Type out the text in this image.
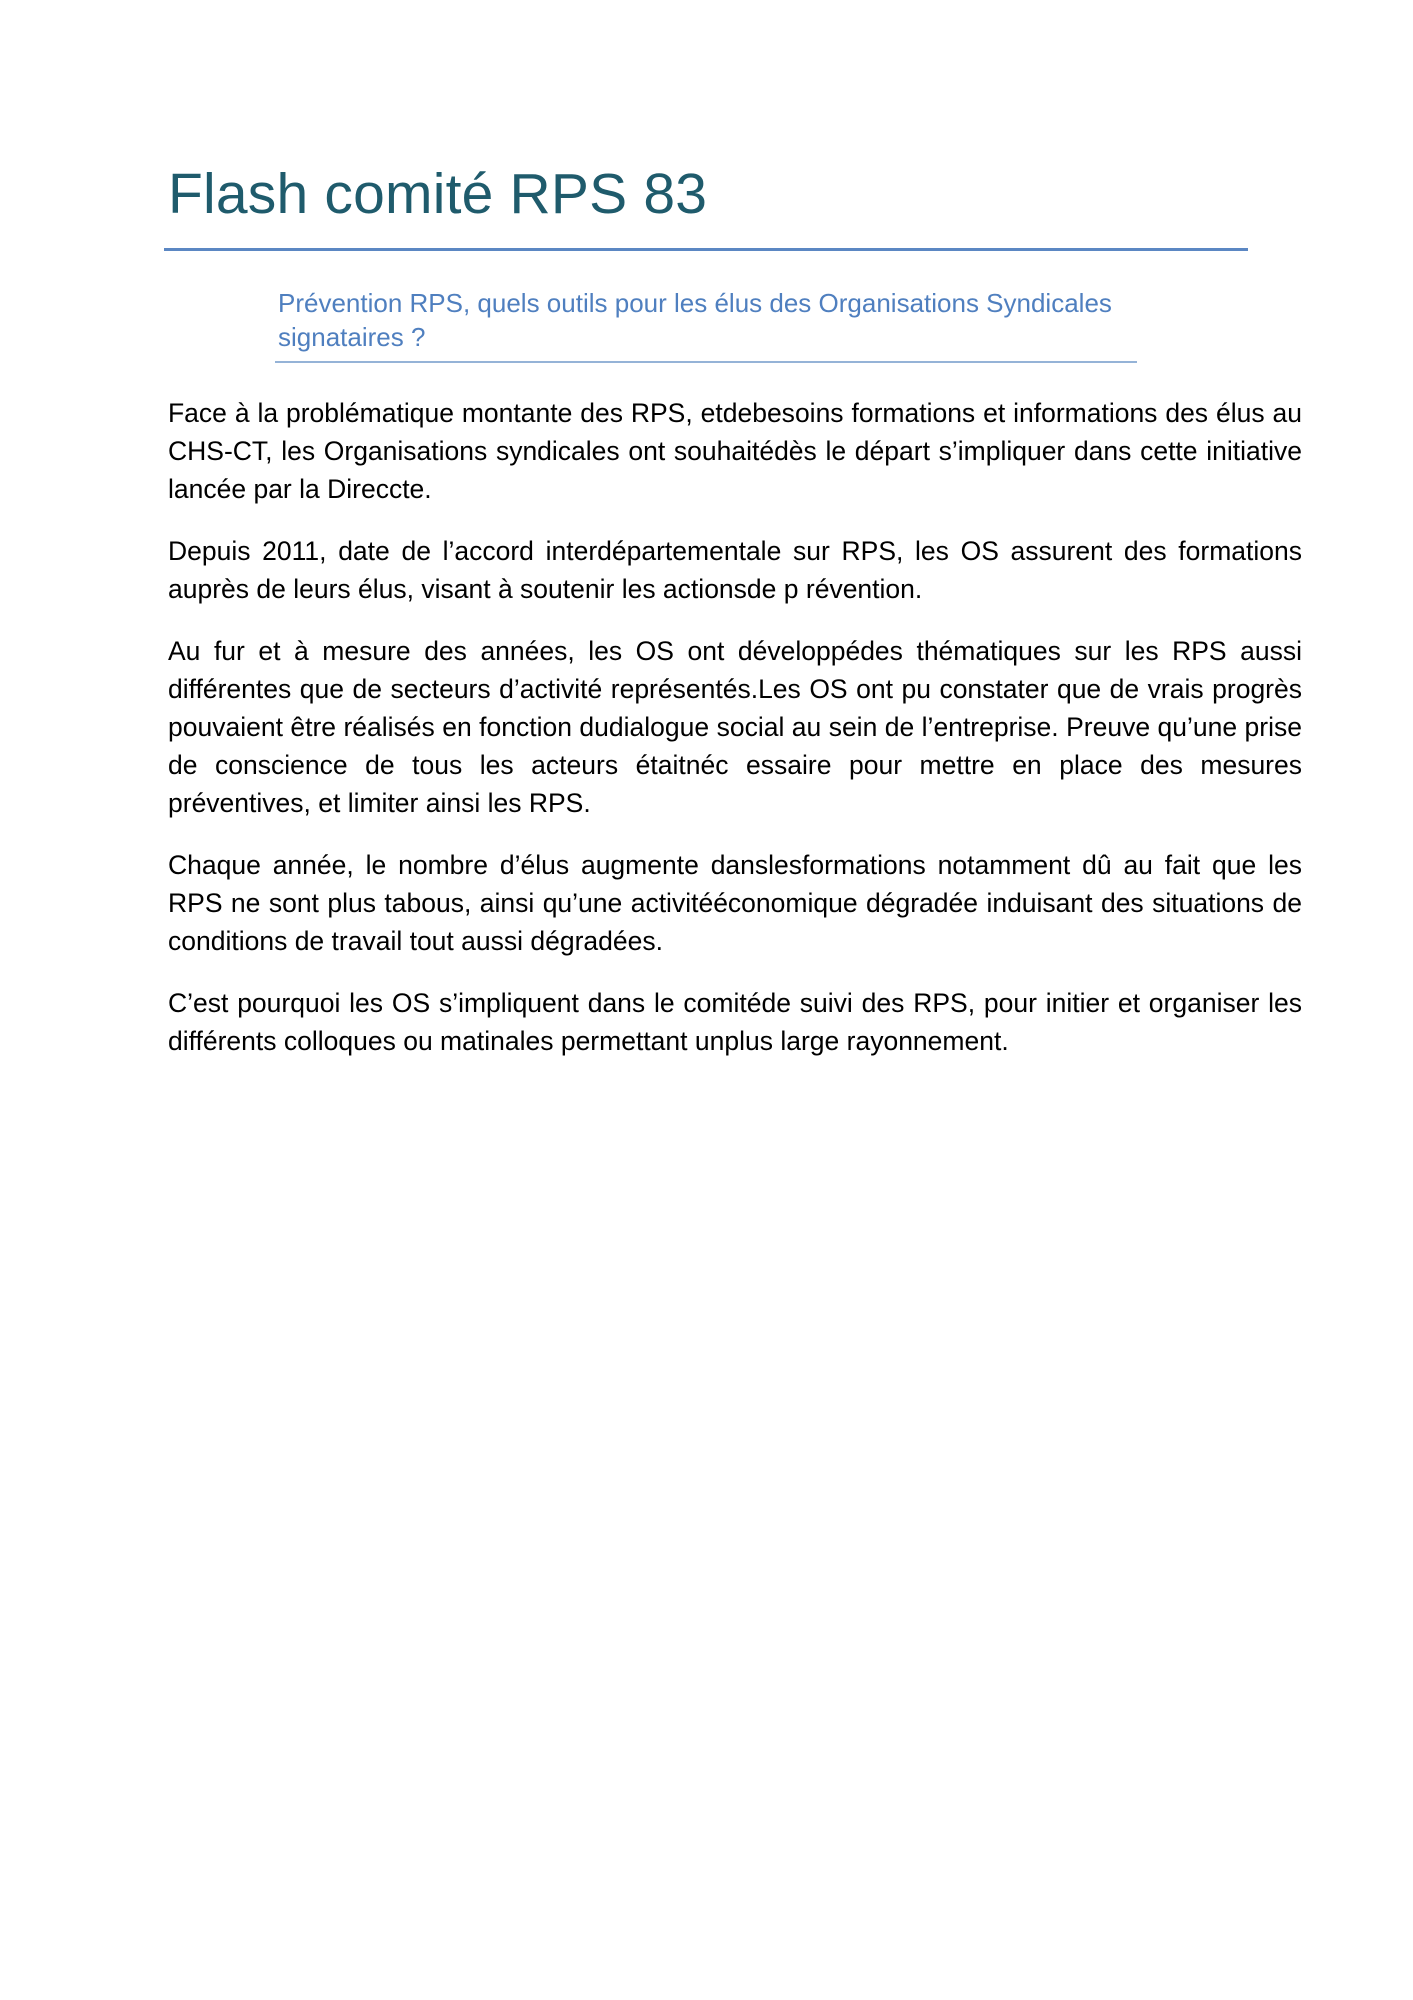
Flash comité RPS 83
Prévention RPS, quels outils pour les élus des Organisations Syndicales signataires ?

Face à la problématique montante des RPS, etdebesoins formations et informations des élus au CHS-CT, les Organisations syndicales ont souhaitédès le départ s’impliquer dans cette initiative lancée par la Direccte.

Depuis 2011, date de l’accord interdépartementale sur RPS, les OS assurent des formations auprès de leurs élus, visant à soutenir les actionsde p révention.

Au fur et à mesure des années, les OS ont développédes thématiques sur les RPS aussi différentes que de secteurs d’activité représentés.Les OS ont pu constater que de vrais progrès pouvaient être réalisés en fonction dudialogue social au sein de l’entreprise. Preuve qu’une prise de conscience de tous les acteurs étaitnéc essaire pour mettre en place des mesures préventives, et limiter ainsi les RPS.

Chaque année, le nombre d’élus augmente danslesformations notamment dû au fait que les RPS ne sont plus tabous, ainsi qu’une activitééconomique dégradée induisant des situations de conditions de travail tout aussi dégradées.

C’est pourquoi les OS s’impliquent dans le comitéde suivi des RPS, pour initier et organiser les différents colloques ou matinales permettant unplus large rayonnement.
